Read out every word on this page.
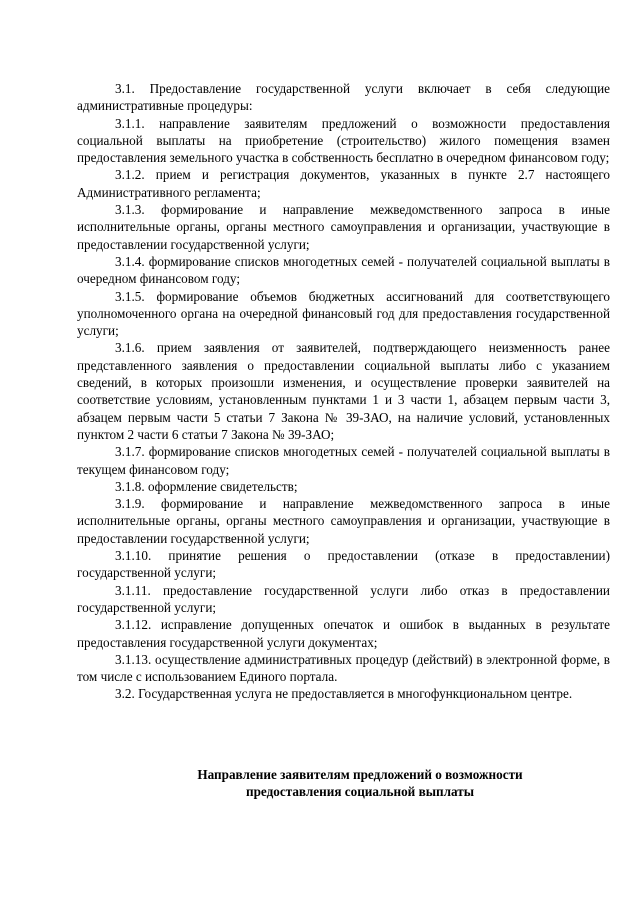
3.1. Предоставление государственной услуги включает в себя следующие административные процедуры:

3.1.1. направление заявителям предложений о возможности предоставления социальной выплаты на приобретение (строительство) жилого помещения взамен предоставления земельного участка в собственность бесплатно в очередном финансовом году;

3.1.2. прием и регистрация документов, указанных в пункте 2.7 настоящего Административного регламента;

3.1.3. формирование и направление межведомственного запроса в иные исполнительные органы, органы местного самоуправления и организации, участвующие в предоставлении государственной услуги;

3.1.4. формирование списков многодетных семей - получателей социальной выплаты в очередном финансовом году;

3.1.5. формирование объемов бюджетных ассигнований для соответствующего уполномоченного органа на очередной финансовый год для предоставления государственной услуги;

3.1.6. прием заявления от заявителей, подтверждающего неизменность ранее представленного заявления о предоставлении социальной выплаты либо с указанием сведений, в которых произошли изменения, и осуществление проверки заявителей на соответствие условиям, установленным пунктами 1 и 3 части 1, абзацем первым части 3, абзацем первым части 5 статьи 7 Закона № 39-ЗАО, на наличие условий, установленных пунктом 2 части 6 статьи 7 Закона № 39-ЗАО;

3.1.7. формирование списков многодетных семей - получателей социальной выплаты в текущем финансовом году;

3.1.8. оформление свидетельств;

3.1.9. формирование и направление межведомственного запроса в иные исполнительные органы, органы местного самоуправления и организации, участвующие в предоставлении государственной услуги;

3.1.10. принятие решения о предоставлении (отказе в предоставлении) государственной услуги;

3.1.11. предоставление государственной услуги либо отказ в предоставлении государственной услуги;

3.1.12. исправление допущенных опечаток и ошибок в выданных в результате предоставления государственной услуги документах;

3.1.13. осуществление административных процедур (действий) в электронной форме, в том числе с использованием Единого портала.

3.2. Государственная услуга не предоставляется в многофункциональном центре.

Направление заявителям предложений о возможности
предоставления социальной выплаты
